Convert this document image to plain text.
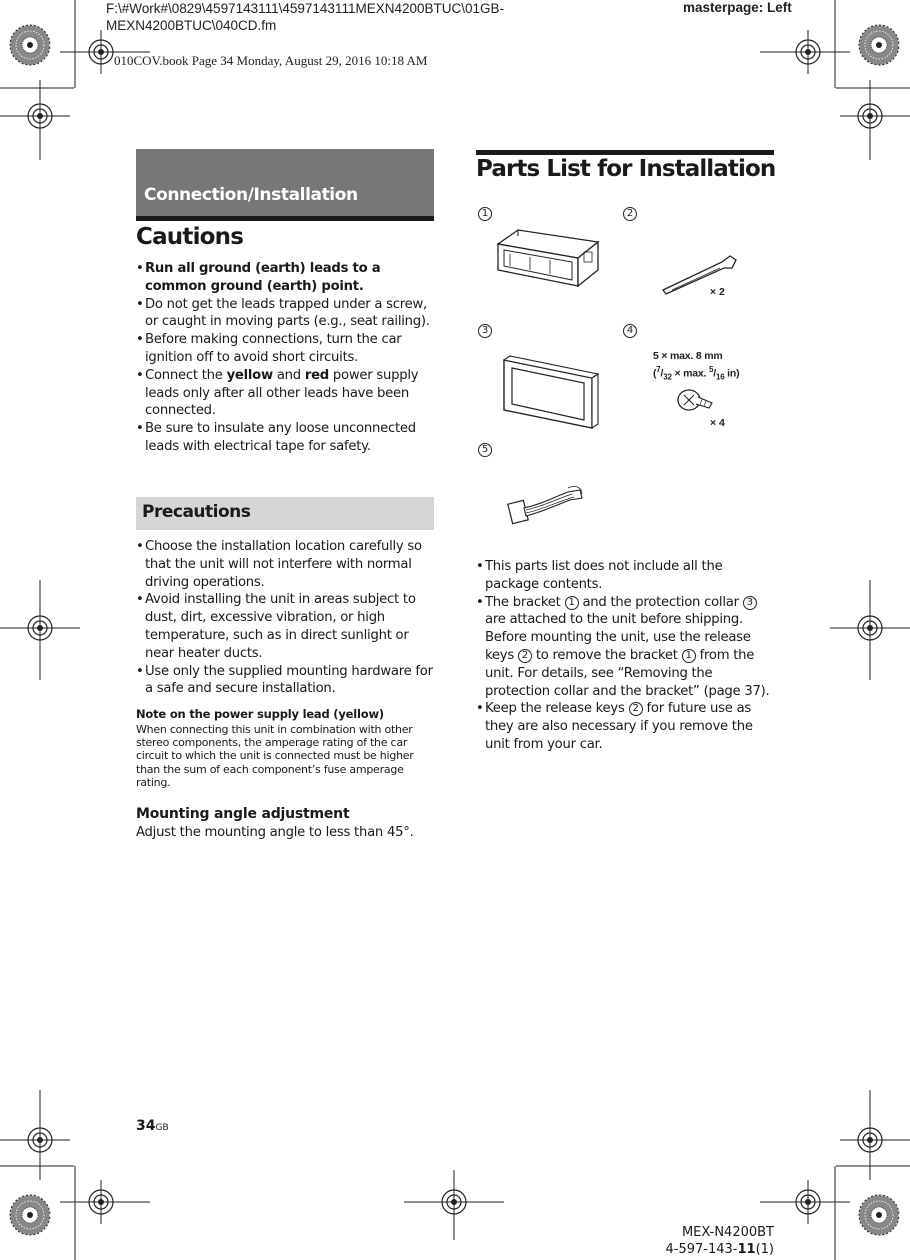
F:\#Work#\0829\4597143111\4597143111MEXN4200BTUC\01GB-
MEXN4200BTUC\040CD.fm
masterpage: Left
010COV.book Page 34 Monday, August 29, 2016 10:18 AM
Connection/Installation
Cautions
• Run all ground (earth) leads to a common ground (earth) point.
• Do not get the leads trapped under a screw, or caught in moving parts (e.g., seat railing).
• Before making connections, turn the car ignition off to avoid short circuits.
• Connect the yellow and red power supply leads only after all other leads have been connected.
• Be sure to insulate any loose unconnected leads with electrical tape for safety.
Precautions
• Choose the installation location carefully so that the unit will not interfere with normal driving operations.
• Avoid installing the unit in areas subject to dust, dirt, excessive vibration, or high temperature, such as in direct sunlight or near heater ducts.
• Use only the supplied mounting hardware for a safe and secure installation.
Note on the power supply lead (yellow)
When connecting this unit in combination with other stereo components, the amperage rating of the car circuit to which the unit is connected must be higher than the sum of each component’s fuse amperage rating.
Mounting angle adjustment
Adjust the mounting angle to less than 45°.
Parts List for Installation
1	2
3	4
5
× 2
5 × max. 8 mm
($^7/_{32} \times \max$. $^5/_{16}$ in)
× 4
• This parts list does not include all the package contents.
• The bracket 1 and the protection collar 3 are attached to the unit before shipping. Before mounting the unit, use the release keys 2 to remove the bracket 1 from the unit. For details, see “Removing the protection collar and the bracket” (page 37).
• Keep the release keys 2 for future use as they are also necessary if you remove the unit from your car.
34GB
MEX-N4200BT
4-597-143-11(1)
